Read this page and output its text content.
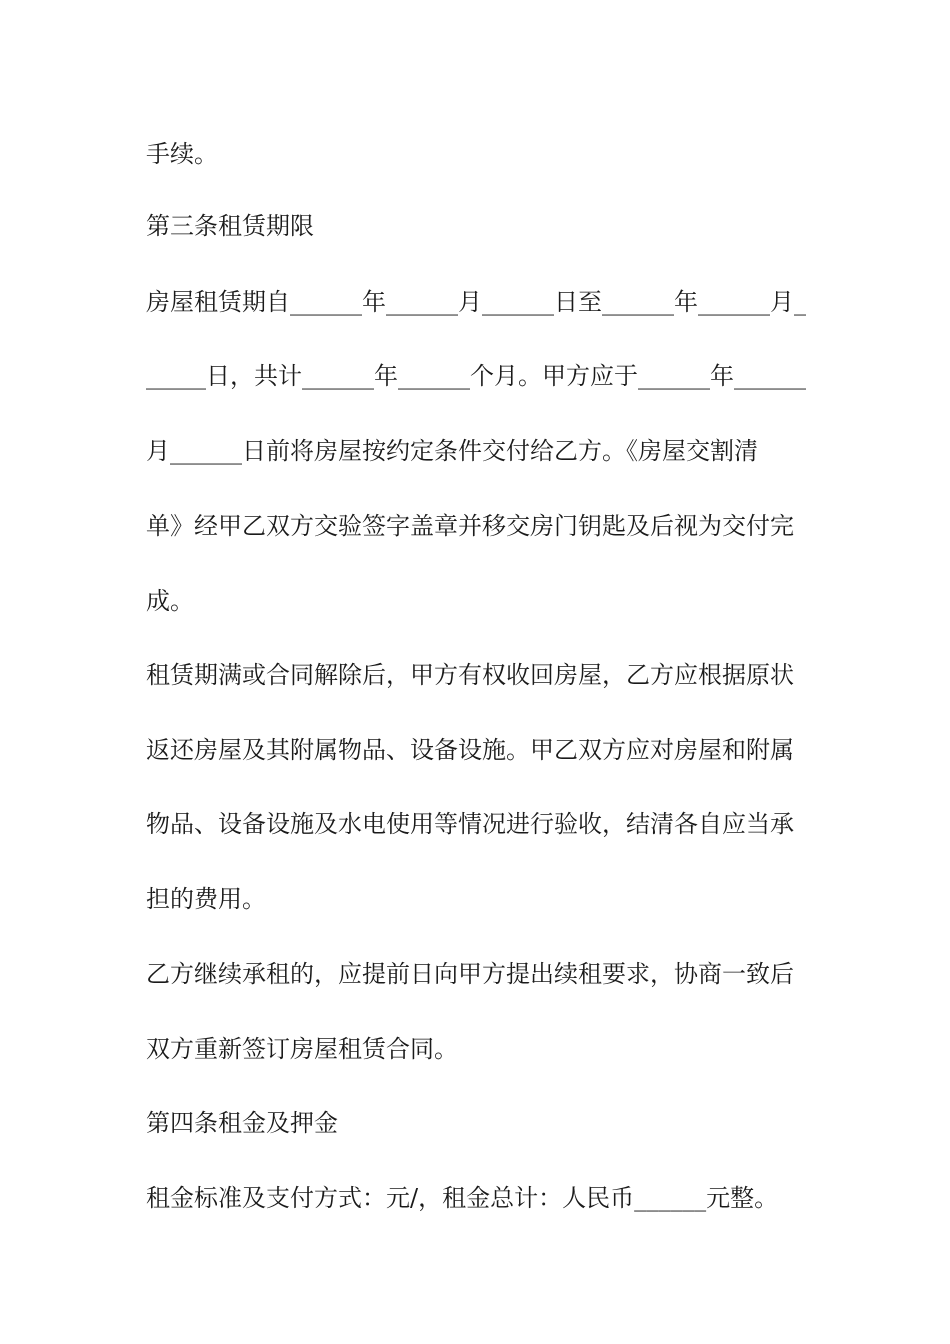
手续。
第三条租赁期限
房屋租赁期自______年______月______日至______年______月_
_____日，共计______年______个月。甲方应于______年______
月______日前将房屋按约定条件交付给乙方。《房屋交割清
单》经甲乙双方交验签字盖章并移交房门钥匙及后视为交付完
成。
租赁期满或合同解除后，甲方有权收回房屋，乙方应根据原状
返还房屋及其附属物品、设备设施。甲乙双方应对房屋和附属
物品、设备设施及水电使用等情况进行验收，结清各自应当承
担的费用。
乙方继续承租的，应提前日向甲方提出续租要求，协商一致后
双方重新签订房屋租赁合同。
第四条租金及押金
租金标准及支付方式：元/，租金总计：人民币______元整。
